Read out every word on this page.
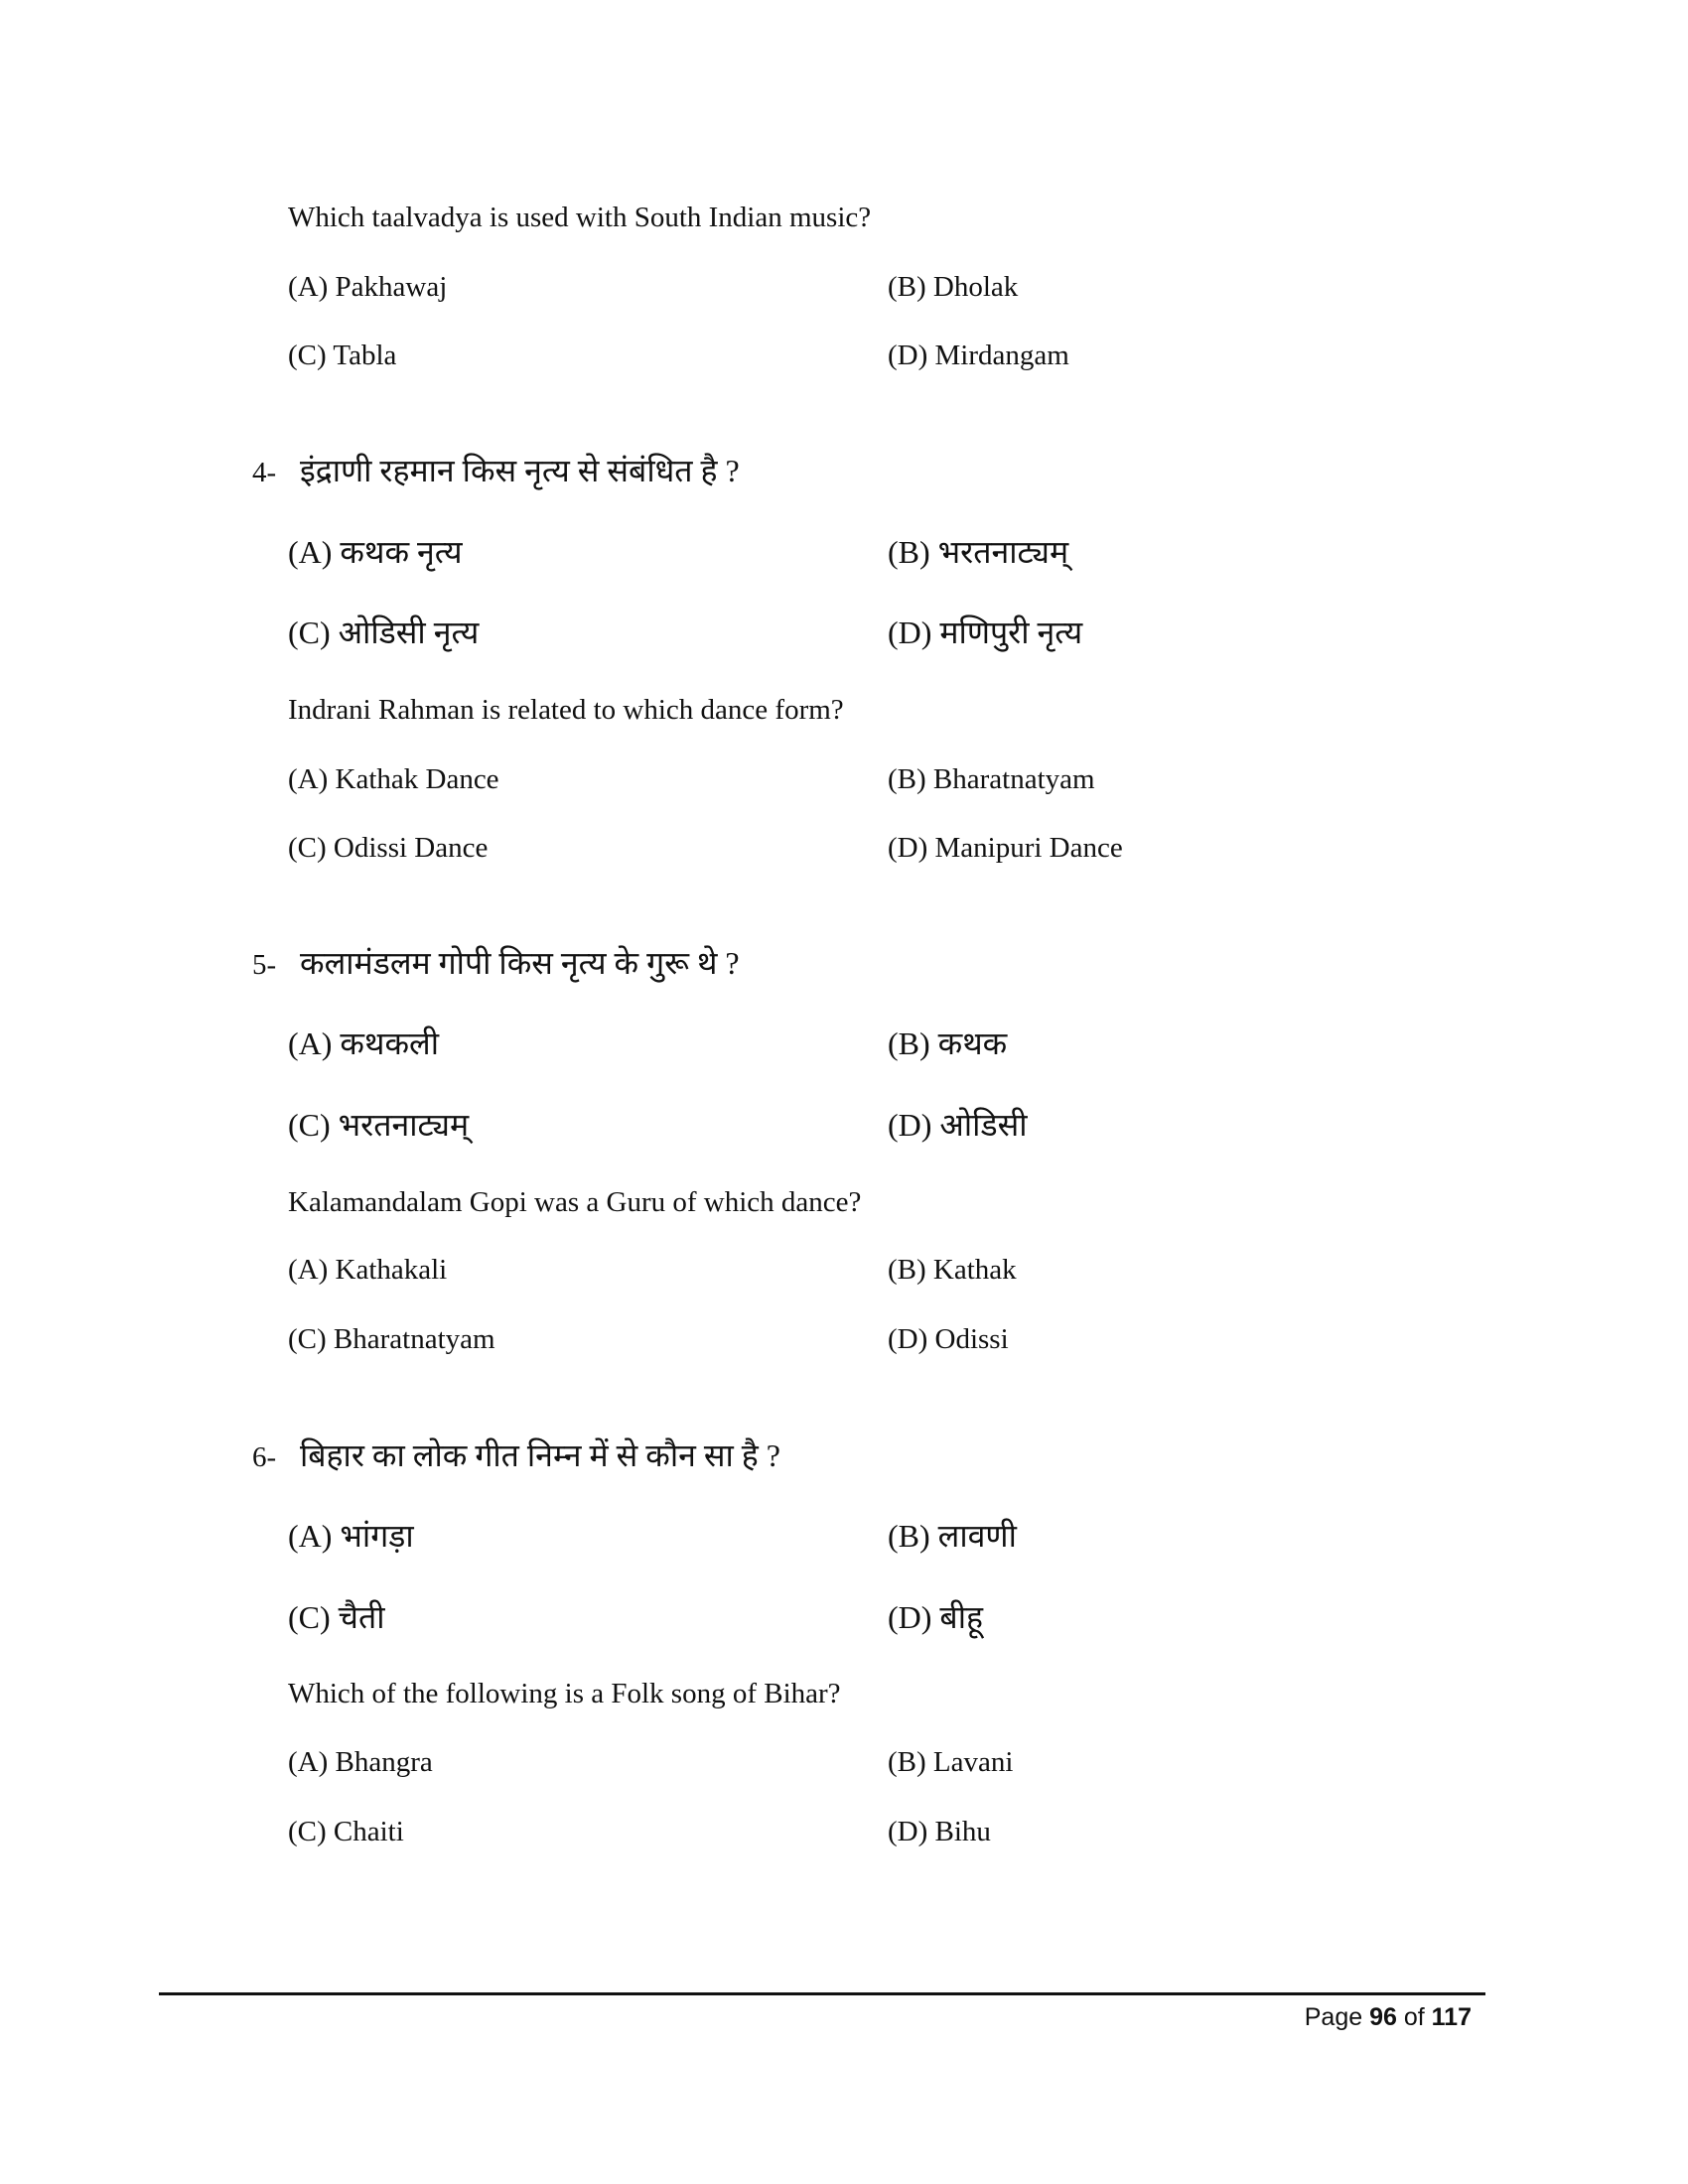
Which taalvadya is used with South Indian music?
(A) Pakhawaj	(B) Dholak
(C) Tabla	(D) Mirdangam
4- इंद्राणी रहमान किस नृत्य से संबंधित है ?
(A) कथक नृत्य	(B) भरतनाट्यम्
(C) ओडिसी नृत्य	(D) मणिपुरी नृत्य
Indrani Rahman is related to which dance form?
(A) Kathak Dance	(B) Bharatnatyam
(C) Odissi Dance	(D) Manipuri Dance
5- कलामंडलम गोपी किस नृत्य के गुरू थे ?
(A) कथकली	(B) कथक
(C) भरतनाट्यम्	(D) ओडिसी
Kalamandalam Gopi was a Guru of which dance?
(A) Kathakali	(B) Kathak
(C) Bharatnatyam	(D) Odissi
6- बिहार का लोक गीत निम्न में से कौन सा है ?
(A) भांगड़ा	(B) लावणी
(C) चैती	(D) बीहू
Which of the following is a Folk song of Bihar?
(A) Bhangra	(B) Lavani
(C) Chaiti	(D) Bihu
Page 96 of 117
